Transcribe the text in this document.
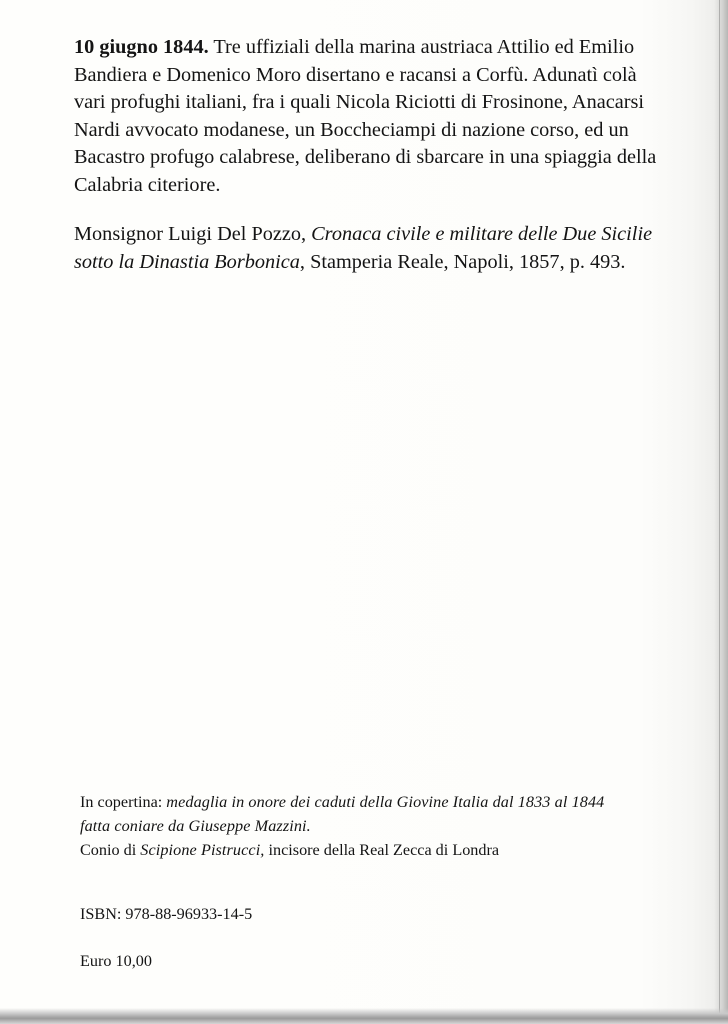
10 giugno 1844. Tre uffiziali della marina austriaca Attilio ed Emilio
Bandiera e Domenico Moro disertano e racansi a Corfù. Adunatì colà
vari profughi italiani, fra i quali Nicola Riciotti di Frosinone, Anacarsi
Nardi avvocato modanese, un Boccheciampi di nazione corso, ed un
Bacastro profugo calabrese, deliberano di sbarcare in una spiaggia della
Calabria citeriore.

Monsignor Luigi Del Pozzo, Cronaca civile e militare delle Due Sicilie
sotto la Dinastia Borbonica, Stamperia Reale, Napoli, 1857, p. 493.

In copertina: medaglia in onore dei caduti della Giovine Italia dal 1833 al 1844
fatta coniare da Giuseppe Mazzini.
Conio di Scipione Pistrucci, incisore della Real Zecca di Londra

ISBN: 978-88-96933-14-5
Euro 10,00
